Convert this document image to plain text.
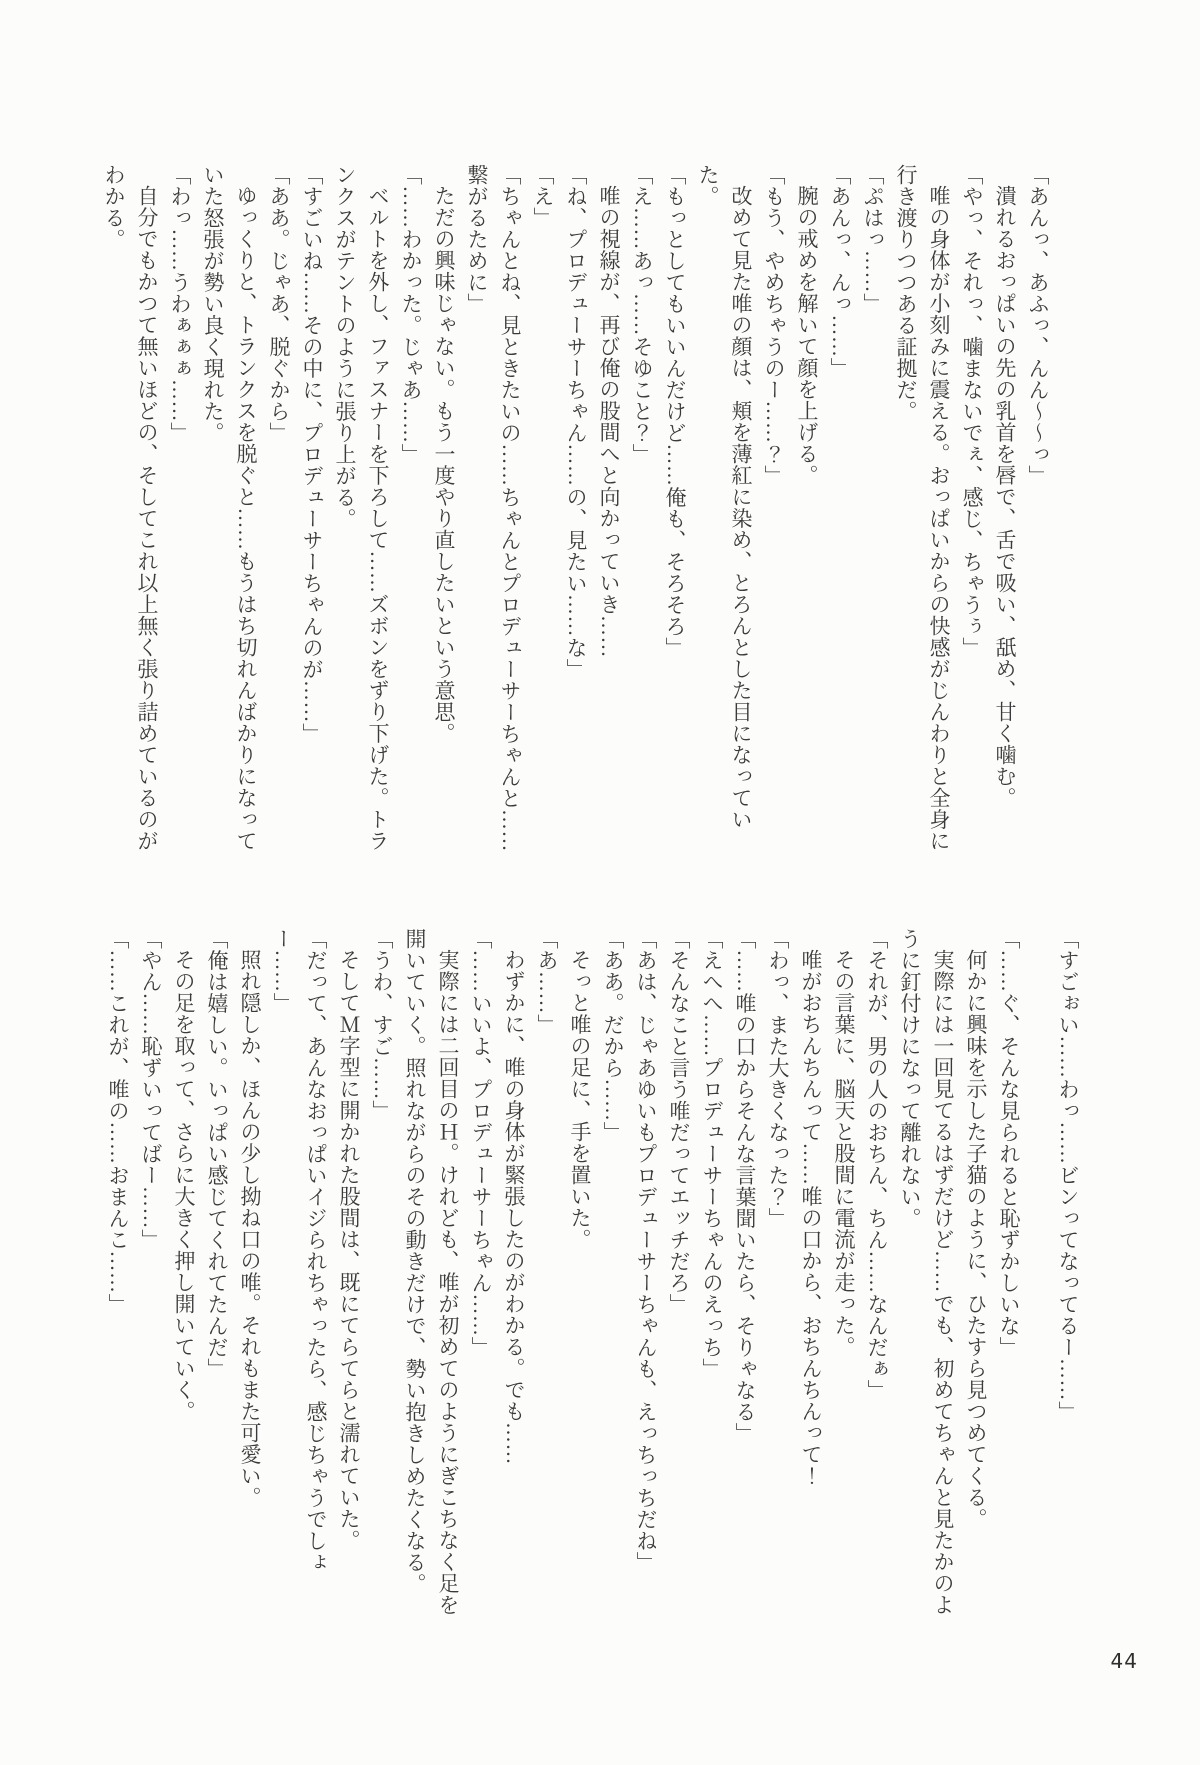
「あんっ、あふっ、んん〜〜っ」

潰れるおっぱいの先の乳首を唇で、舌で吸い、舐め、甘く噛む。

「やっ、それっ、噛まないでぇ、感じ、ちゃうぅ」

唯の身体が小刻みに震える。おっぱいからの快感がじんわりと全身に行き渡りつつある証拠だ。

「ぷはっ……」

「あんっ、んっ……」

腕の戒めを解いて顔を上げる。

「もう、やめちゃうのー……？」

改めて見た唯の顔は、頬を薄紅に染め、とろんとした目になっていた。

「もっとしてもいいんだけど……俺も、そろそろ」

「え……あっ……そゆこと？」

唯の視線が、再び俺の股間へと向かっていき……

「ね、プロデューサーちゃん……の、見たい……な」

「え」

「ちゃんとね、見ときたいの……ちゃんとプロデューサーちゃんと……繋がるために」

ただの興味じゃない。もう一度やり直したいという意思。

「……わかった。じゃあ……」

ベルトを外し、ファスナーを下ろして……ズボンをずり下げた。トランクスがテントのように張り上がる。

「すごいね……その中に、プロデューサーちゃんのが……」

「ああ。じゃあ、脱ぐから」

ゆっくりと、トランクスを脱ぐと……もうはち切れんばかりになっていた怒張が勢い良く現れた。

「わっ……うわぁぁぁ……」

自分でもかつて無いほどの、そしてこれ以上無く張り詰めているのがわかる。

「すごぉい……わっ……ビンってなってるー……」

「……ぐ、そんな見られると恥ずかしいな」

何かに興味を示した子猫のように、ひたすら見つめてくる。

実際には一回見てるはずだけど……でも、初めてちゃんと見たかのように釘付けになって離れない。

「それが、男の人のおちん、ちん……なんだぁ」

その言葉に、脳天と股間に電流が走った。

唯がおちんちんって……唯の口から、おちんちんって！

「わっ、また大きくなった？」

「……唯の口からそんな言葉聞いたら、そりゃなる」

「えへへ……プロデューサーちゃんのえっち」

「そんなこと言う唯だってエッチだろ」

「あは、じゃあゆいもプロデューサーちゃんも、えっちっちだね」

「ああ。だから……」

そっと唯の足に、手を置いた。

「あ……」

わずかに、唯の身体が緊張したのがわかる。でも……

「……いいよ、プロデューサーちゃん……」

実際には二回目のＨ。けれども、唯が初めてのようにぎこちなく足を開いていく。照れながらのその動きだけで、勢い抱きしめたくなる。

「うわ、すご……」

そしてＭ字型に開かれた股間は、既にてらてらと濡れていた。

「だって、あんなおっぱいイジられちゃったら、感じちゃうでしょー……」

照れ隠しか、ほんの少し拗ね口の唯。それもまた可愛い。

「俺は嬉しい。いっぱい感じてくれてたんだ」

その足を取って、さらに大きく押し開いていく。

「やん……恥ずいってばー……」

「……これが、唯の……おまんこ……」

44
